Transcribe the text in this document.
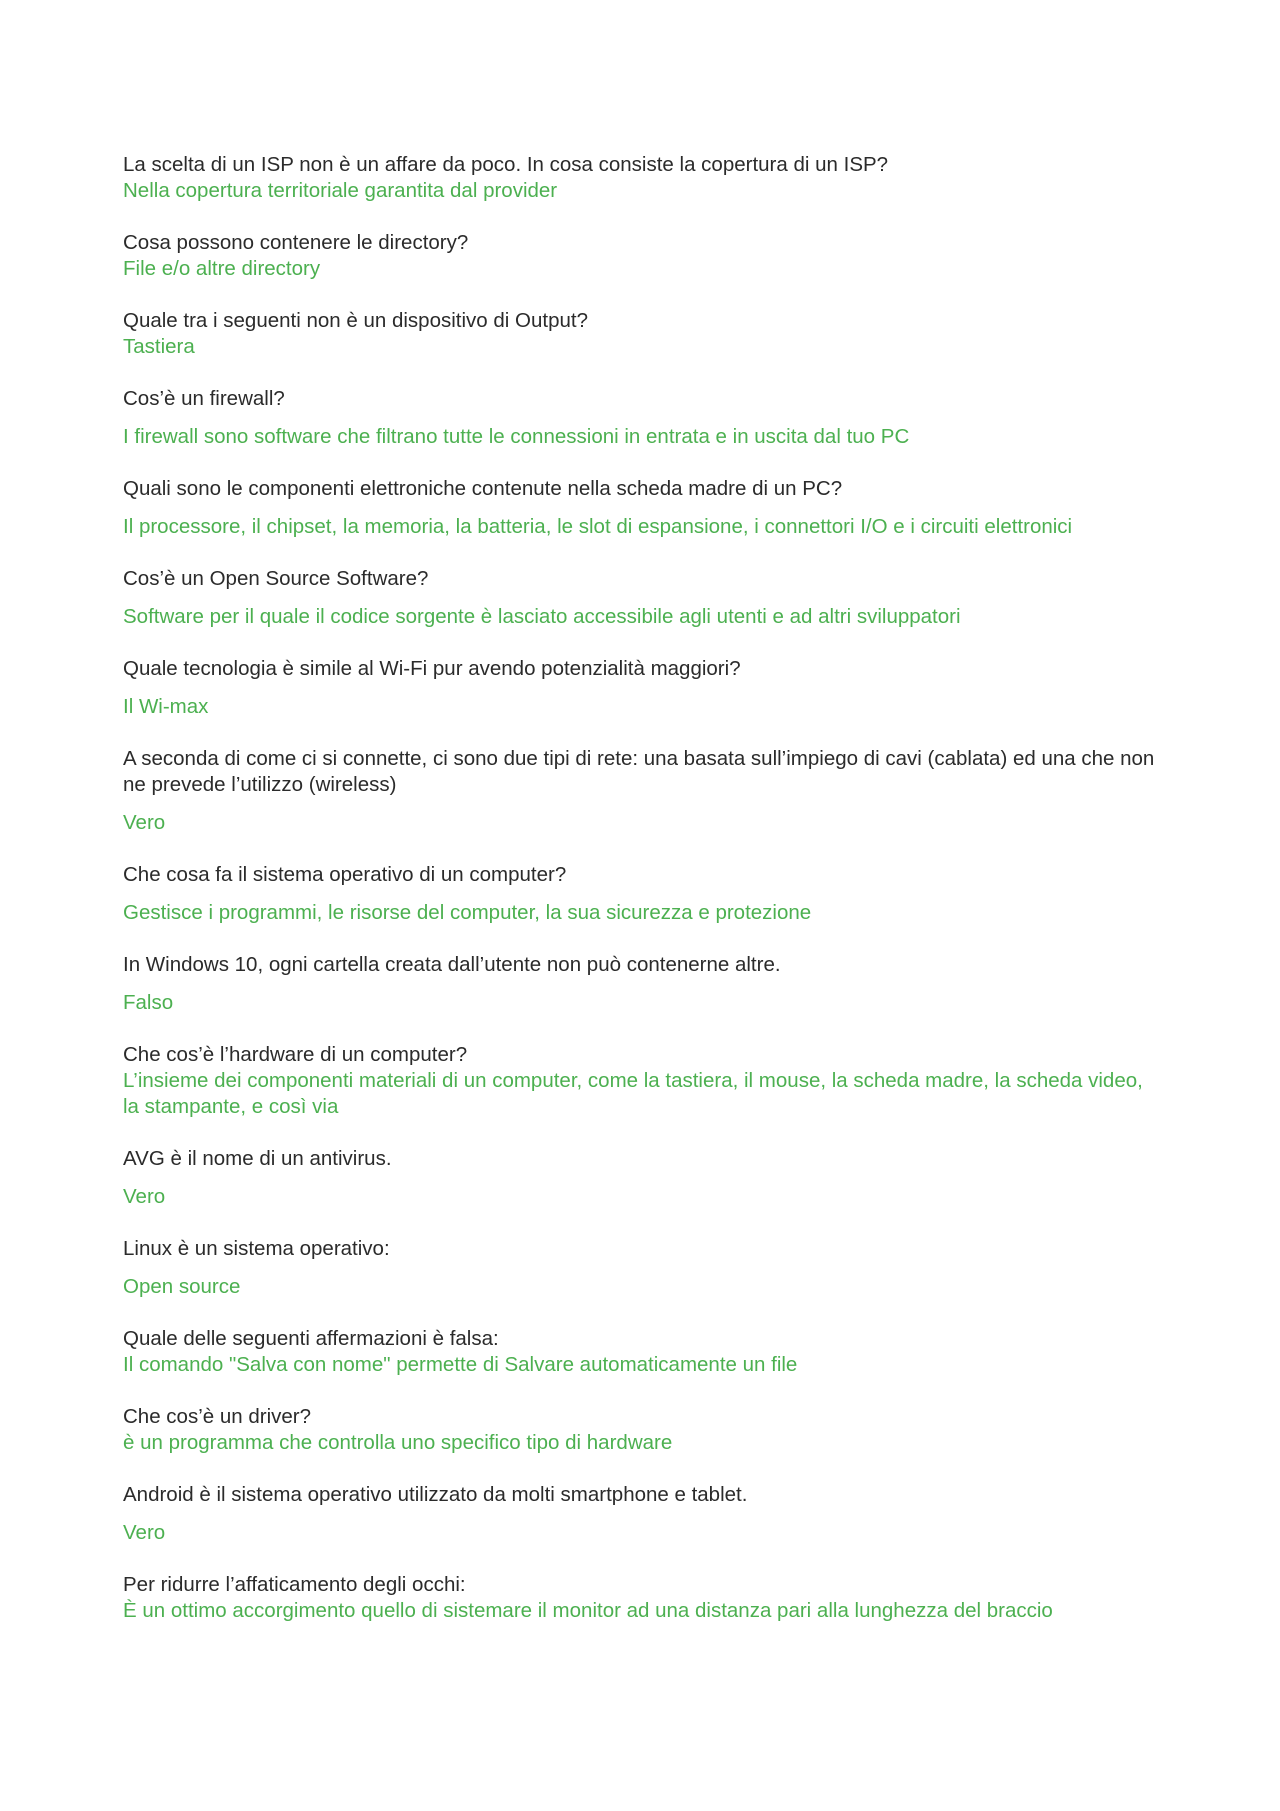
La scelta di un ISP non è un affare da poco. In cosa consiste la copertura di un ISP?
Nella copertura territoriale garantita dal provider
Cosa possono contenere le directory?
File e/o altre directory
Quale tra i seguenti non è un dispositivo di Output?
Tastiera
Cos’è un firewall?
I firewall sono software che filtrano tutte le connessioni in entrata e in uscita dal tuo PC
Quali sono le componenti elettroniche contenute nella scheda madre di un PC?
Il processore, il chipset, la memoria, la batteria, le slot di espansione, i connettori I/O e i circuiti elettronici
Cos’è un Open Source Software?
Software per il quale il codice sorgente è lasciato accessibile agli utenti e ad altri sviluppatori
Quale tecnologia è simile al Wi-Fi pur avendo potenzialità maggiori?
Il Wi-max
A seconda di come ci si connette, ci sono due tipi di rete: una basata sull’impiego di cavi (cablata) ed una che non ne prevede l’utilizzo (wireless)
Vero
Che cosa fa il sistema operativo di un computer?
Gestisce i programmi, le risorse del computer, la sua sicurezza e protezione
In Windows 10, ogni cartella creata dall’utente non può contenerne altre.
Falso
Che cos’è l’hardware di un computer?
L’insieme dei componenti materiali di un computer, come la tastiera, il mouse, la scheda madre, la scheda video, la stampante, e così via
AVG è il nome di un antivirus.
Vero
Linux è un sistema operativo:
Open source
Quale delle seguenti affermazioni è falsa:
Il comando "Salva con nome" permette di Salvare automaticamente un file
Che cos’è un driver?
è un programma che controlla uno specifico tipo di hardware
Android è il sistema operativo utilizzato da molti smartphone e tablet.
Vero
Per ridurre l’affaticamento degli occhi:
È un ottimo accorgimento quello di sistemare il monitor ad una distanza pari alla lunghezza del braccio
